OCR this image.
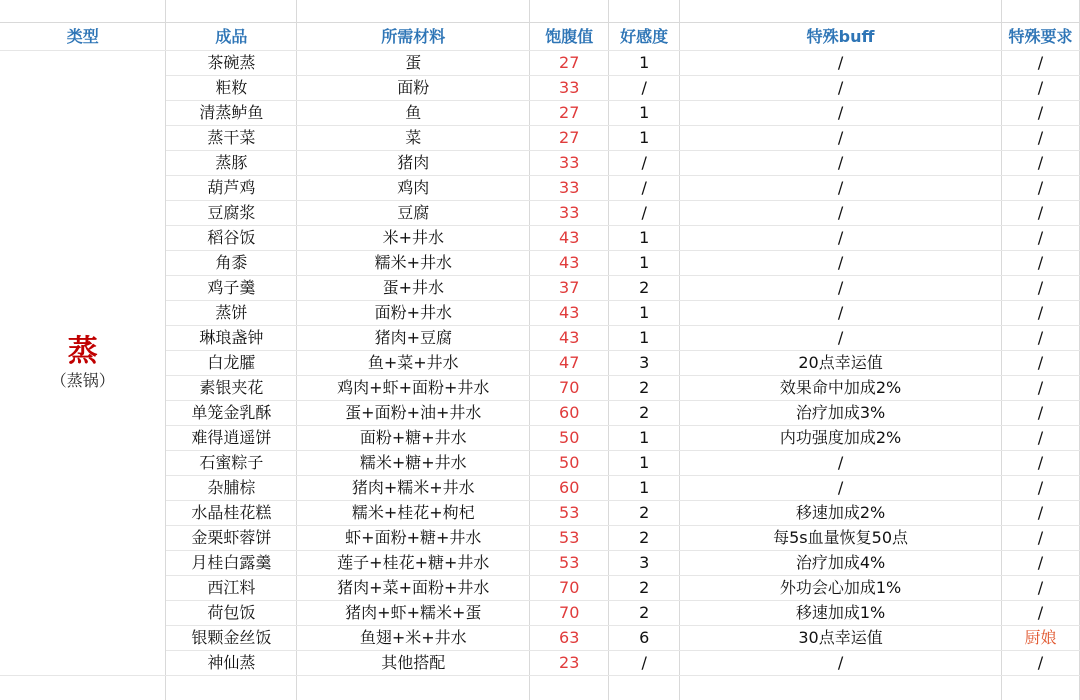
类型	成品	所需材料	饱腹值	好感度	特殊buff	特殊要求

蒸
（蒸锅）	茶碗蒸	蛋	27	1	/	/
	粔籹	面粉	33	/	/	/
	清蒸鲈鱼	鱼	27	1	/	/
	蒸干菜	菜	27	1	/	/
	蒸豚	猪肉	33	/	/	/
	葫芦鸡	鸡肉	33	/	/	/
	豆腐浆	豆腐	33	/	/	/
	稻谷饭	米+井水	43	1	/	/
	角黍	糯米+井水	43	1	/	/
	鸡子羹	蛋+井水	37	2	/	/
	蒸饼	面粉+井水	43	1	/	/
	琳琅盏钟	猪肉+豆腐	43	1	/	/
	白龙臛	鱼+菜+井水	47	3	20点幸运值	/
	素银夹花	鸡肉+虾+面粉+井水	70	2	效果命中加成2%	/
	单笼金乳酥	蛋+面粉+油+井水	60	2	治疗加成3%	/
	难得逍遥饼	面粉+糖+井水	50	1	内功强度加成2%	/
	石蜜粽子	糯米+糖+井水	50	1	/	/
	杂脯棕	猪肉+糯米+井水	60	1	/	/
	水晶桂花糕	糯米+桂花+枸杞	53	2	移速加成2%	/
	金栗虾蓉饼	虾+面粉+糖+井水	53	2	每5s血量恢复50点	/
	月桂白露羹	莲子+桂花+糖+井水	53	3	治疗加成4%	/
	西江料	猪肉+菜+面粉+井水	70	2	外功会心加成1%	/
	荷包饭	猪肉+虾+糯米+蛋	70	2	移速加成1%	/
	银颗金丝饭	鱼翅+米+井水	63	6	30点幸运值	厨娘
	神仙蒸	其他搭配	23	/	/	/
